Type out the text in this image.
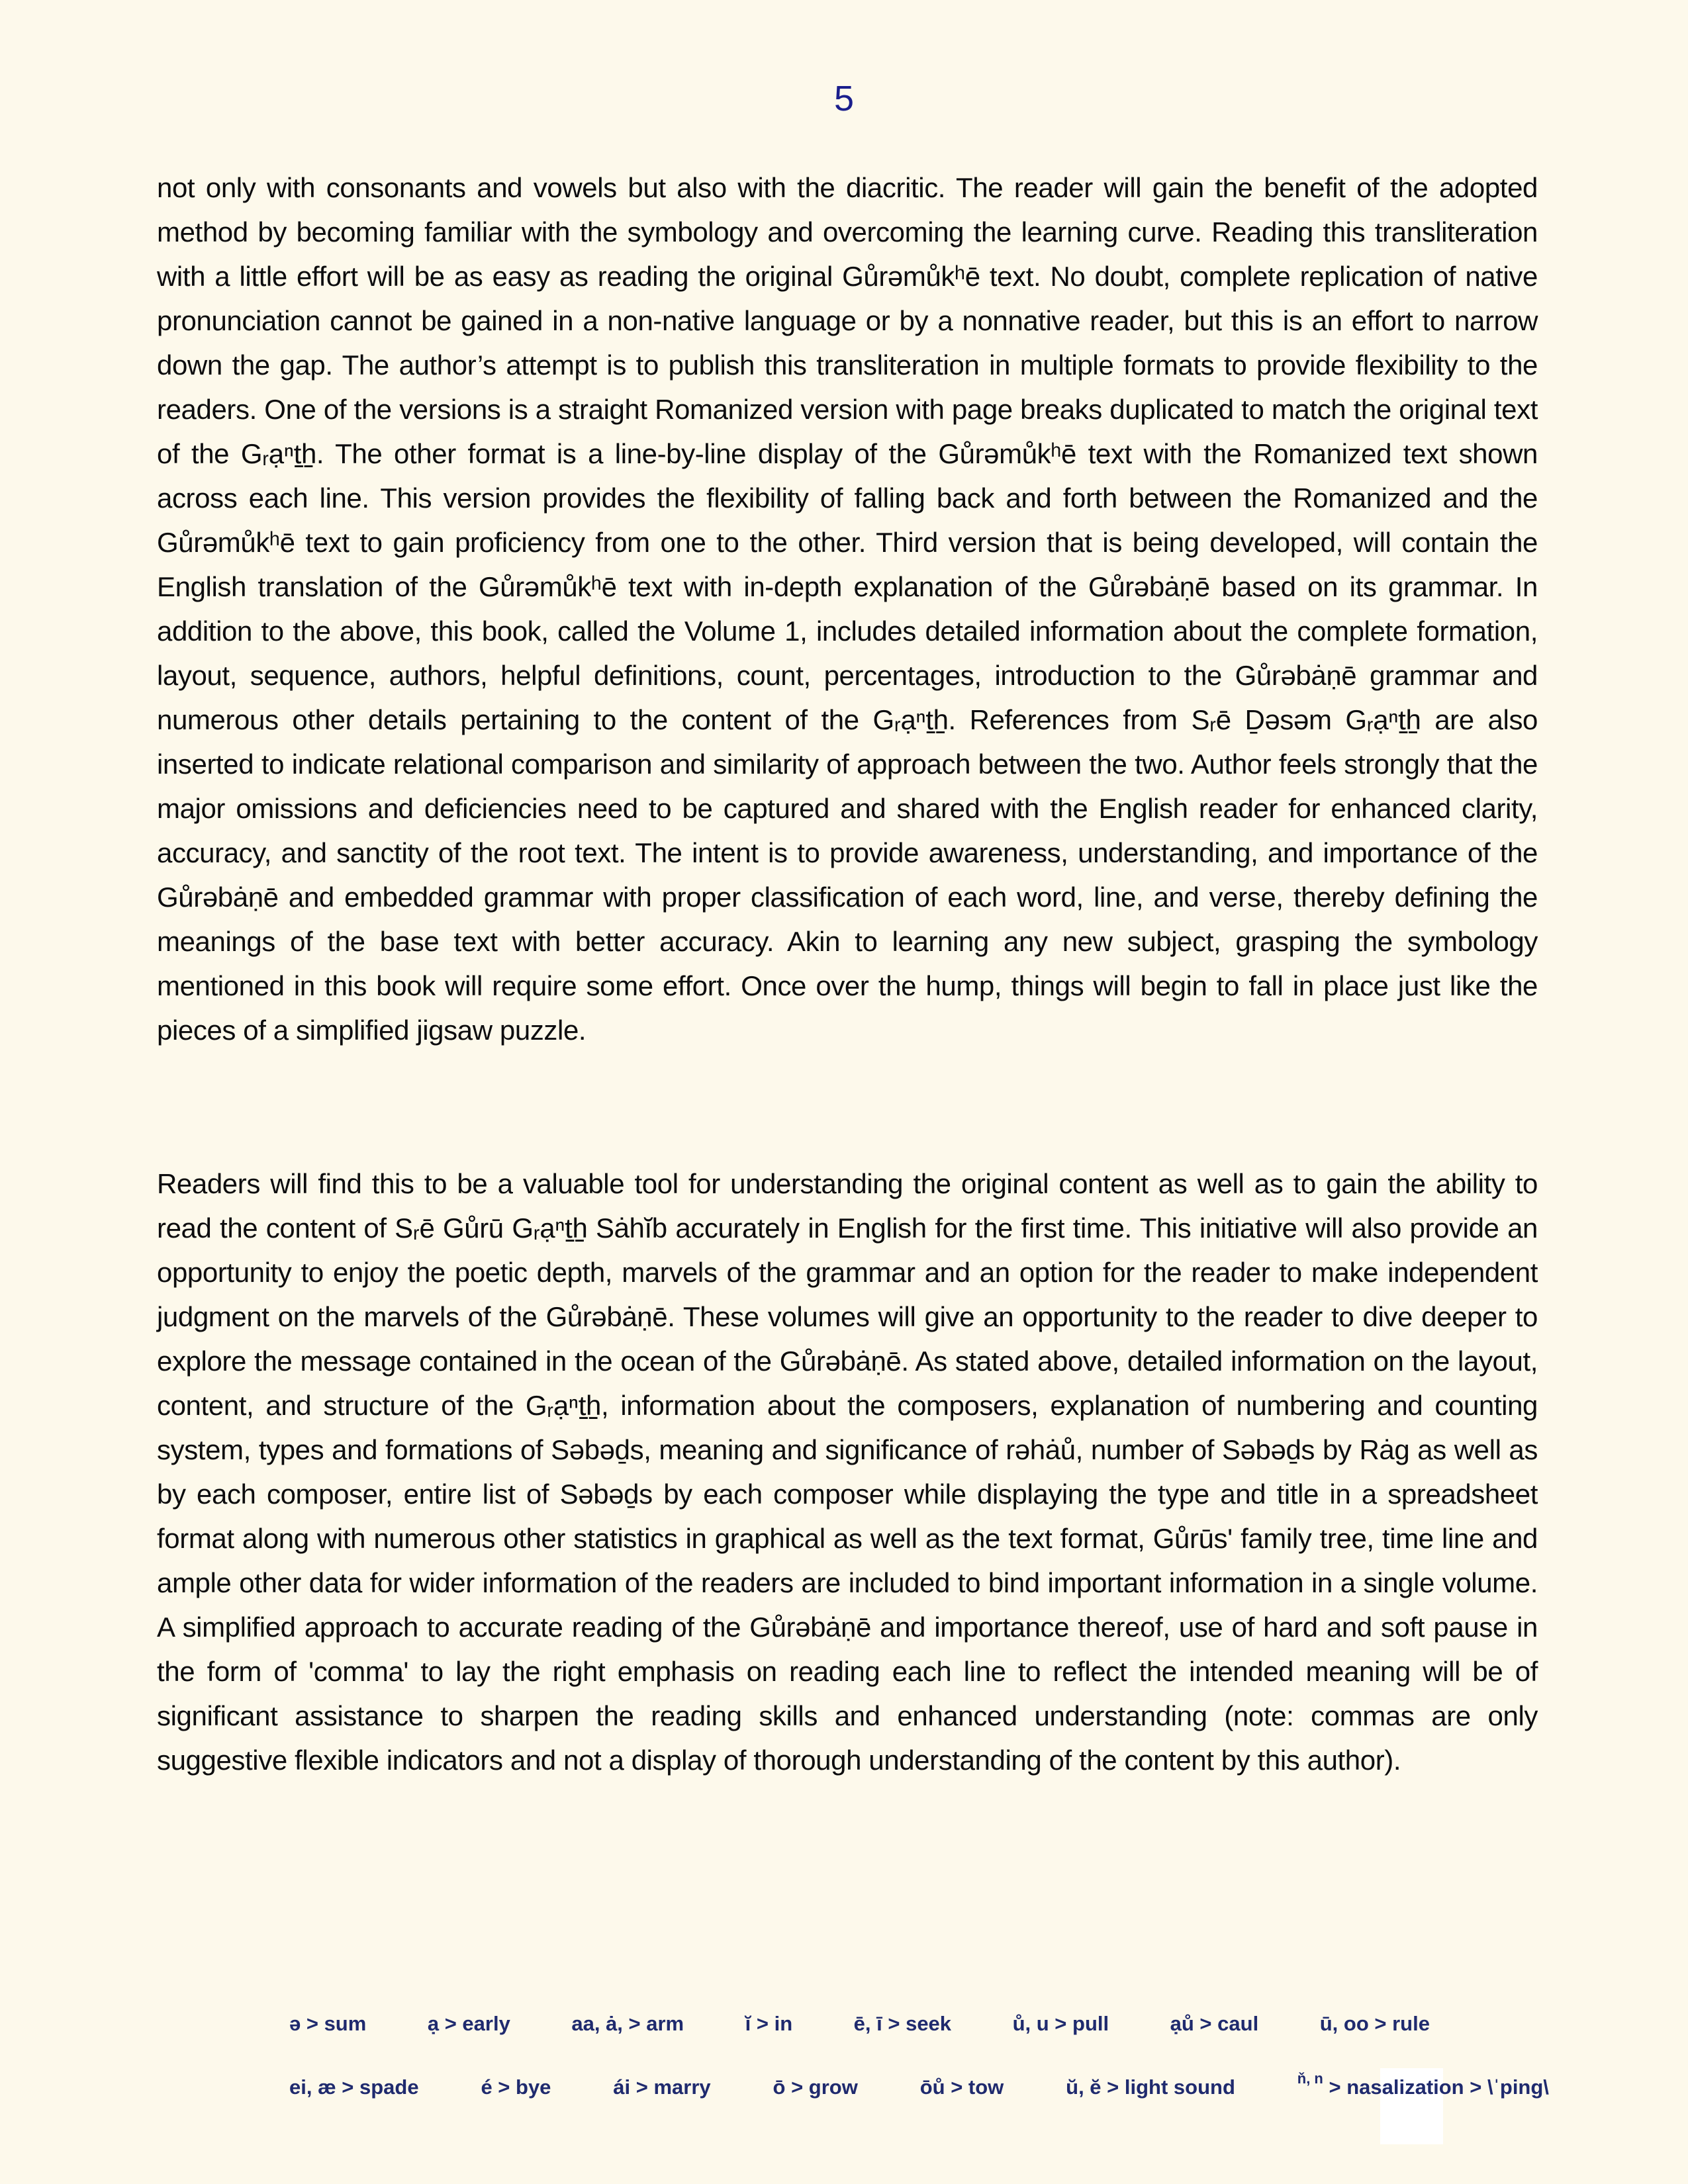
5

not only with consonants and vowels but also with the diacritic. The reader will gain the benefit of the adopted method by becoming familiar with the symbology and overcoming the learning curve. Reading this transliteration with a little effort will be as easy as reading the original Gůrəmůkʰē text. No doubt, complete replication of native pronunciation cannot be gained in a non-native language or by a nonnative reader, but this is an effort to narrow down the gap. The author’s attempt is to publish this transliteration in multiple formats to provide flexibility to the readers. One of the versions is a straight Romanized version with page breaks duplicated to match the original text of the Gᵣạⁿt̠h̠. The other format is a line-by-line display of the Gůrəmůkʰē text with the Romanized text shown across each line. This version provides the flexibility of falling back and forth between the Romanized and the Gůrəmůkʰē text to gain proficiency from one to the other. Third version that is being developed, will contain the English translation of the Gůrəmůkʰē text with in-depth explanation of the Gůrəbȧṇē based on its grammar. In addition to the above, this book, called the Volume 1, includes detailed information about the complete formation, layout, sequence, authors, helpful definitions, count, percentages, introduction to the Gůrəbȧṇē grammar and numerous other details pertaining to the content of the Gᵣạⁿt̠h̠. References from Sᵣē Ḏəsəm Gᵣạⁿt̠h̠ are also inserted to indicate relational comparison and similarity of approach between the two. Author feels strongly that the major omissions and deficiencies need to be captured and shared with the English reader for enhanced clarity, accuracy, and sanctity of the root text. The intent is to provide awareness, understanding, and importance of the Gůrəbȧṇē and embedded grammar with proper classification of each word, line, and verse, thereby defining the meanings of the base text with better accuracy. Akin to learning any new subject, grasping the symbology mentioned in this book will require some effort. Once over the hump, things will begin to fall in place just like the pieces of a simplified jigsaw puzzle.

Readers will find this to be a valuable tool for understanding the original content as well as to gain the ability to read the content of Sᵣē Gůrū Gᵣạⁿt̠h̠ Sȧhĭb accurately in English for the first time. This initiative will also provide an opportunity to enjoy the poetic depth, marvels of the grammar and an option for the reader to make independent judgment on the marvels of the Gůrəbȧṇē. These volumes will give an opportunity to the reader to dive deeper to explore the message contained in the ocean of the Gůrəbȧṇē. As stated above, detailed information on the layout, content, and structure of the Gᵣạⁿt̠h̠, information about the composers, explanation of numbering and counting system, types and formations of Səbəḏs, meaning and significance of rəhȧů, number of Səbəḏs by Rȧg as well as by each composer, entire list of Səbəḏs by each composer while displaying the type and title in a spreadsheet format along with numerous other statistics in graphical as well as the text format, Gůrūs' family tree, time line and ample other data for wider information of the readers are included to bind important information in a single volume. A simplified approach to accurate reading of the Gůrəbȧṇē and importance thereof, use of hard and soft pause in the form of 'comma' to lay the right emphasis on reading each line to reflect the intended meaning will be of significant assistance to sharpen the reading skills and enhanced understanding (note: commas are only suggestive flexible indicators and not a display of thorough understanding of the content by this author).

ə > sum	ạ > early	aa, ȧ, > arm	ĭ > in	ē, ī > seek	ů, u > pull	ạů > caul	ū, oo > rule
ei, æ > spade	é > bye	ái > marry	ō > grow	ōů > tow	ŭ, ĕ > light sound	$^{ň, n}$ > nasalization > \ˈping\
